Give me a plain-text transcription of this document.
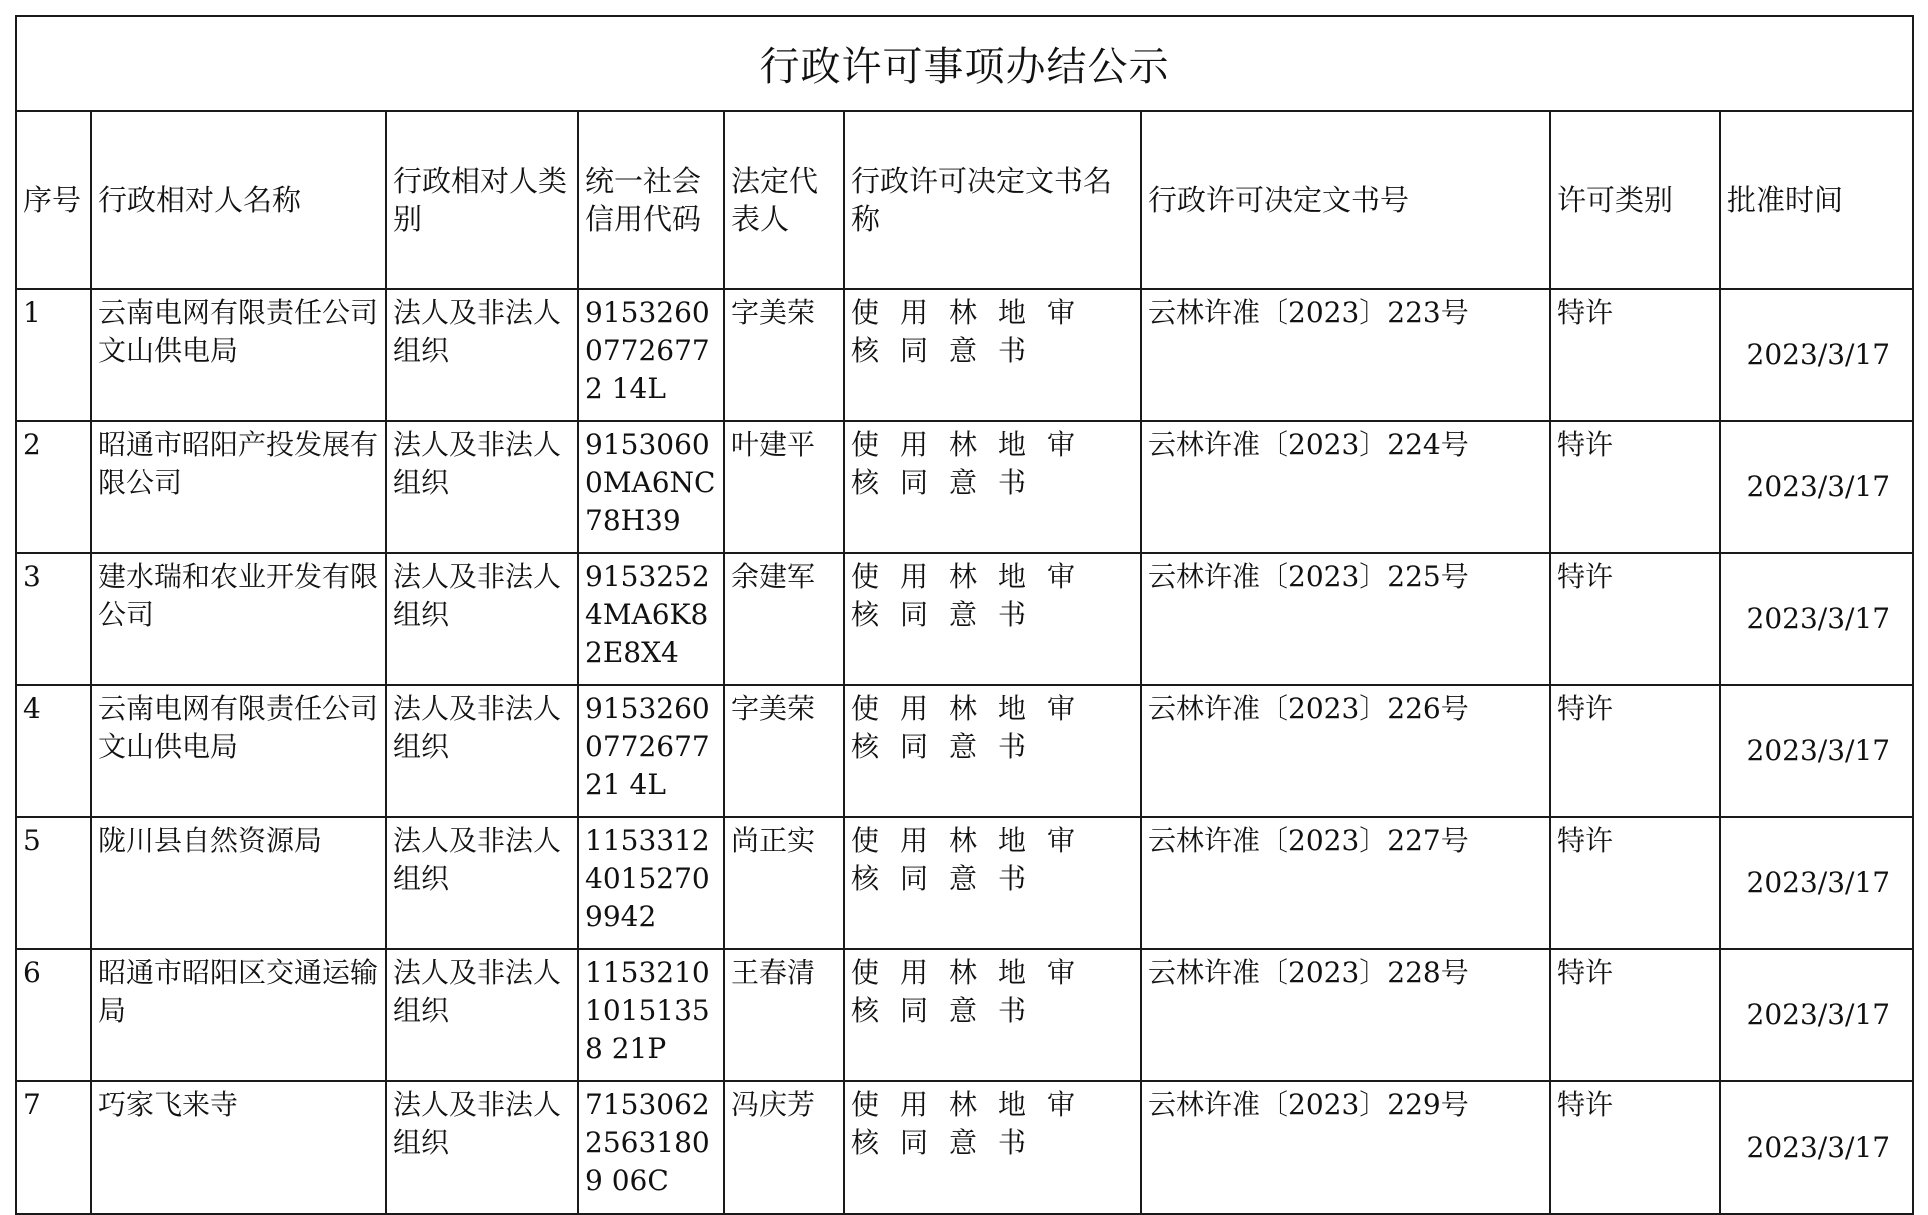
行政许可事项办结公示								
序号	行政相对人名称	行政相对人类别	统一社会信用代码	法定代表人	行政许可决定文书名称	行政许可决定文书号	许可类别	批准时间
1	云南电网有限责任公司文山供电局	法人及非法人组织	915326007726772 14L	字美荣	使用林地审核同意书	云林许准〔2023〕223号	特许	2023/3/17
2	昭通市昭阳产投发展有限公司	法人及非法人组织	91530600MA6NC78H39	叶建平	使用林地审核同意书	云林许准〔2023〕224号	特许	2023/3/17
3	建水瑞和农业开发有限公司	法人及非法人组织	91532524MA6K82E8X4	余建军	使用林地审核同意书	云林许准〔2023〕225号	特许	2023/3/17
4	云南电网有限责任公司文山供电局	法人及非法人组织	9153260077267721 4L	字美荣	使用林地审核同意书	云林许准〔2023〕226号	特许	2023/3/17
5	陇川县自然资源局	法人及非法人组织	115331240152709942	尚正实	使用林地审核同意书	云林许准〔2023〕227号	特许	2023/3/17
6	昭通市昭阳区交通运输局	法人及非法人组织	115321010151358 21P	王春清	使用林地审核同意书	云林许准〔2023〕228号	特许	2023/3/17
7	巧家飞来寺	法人及非法人组织	715306225631809 06C	冯庆芳	使用林地审核同意书	云林许准〔2023〕229号	特许	2023/3/17
